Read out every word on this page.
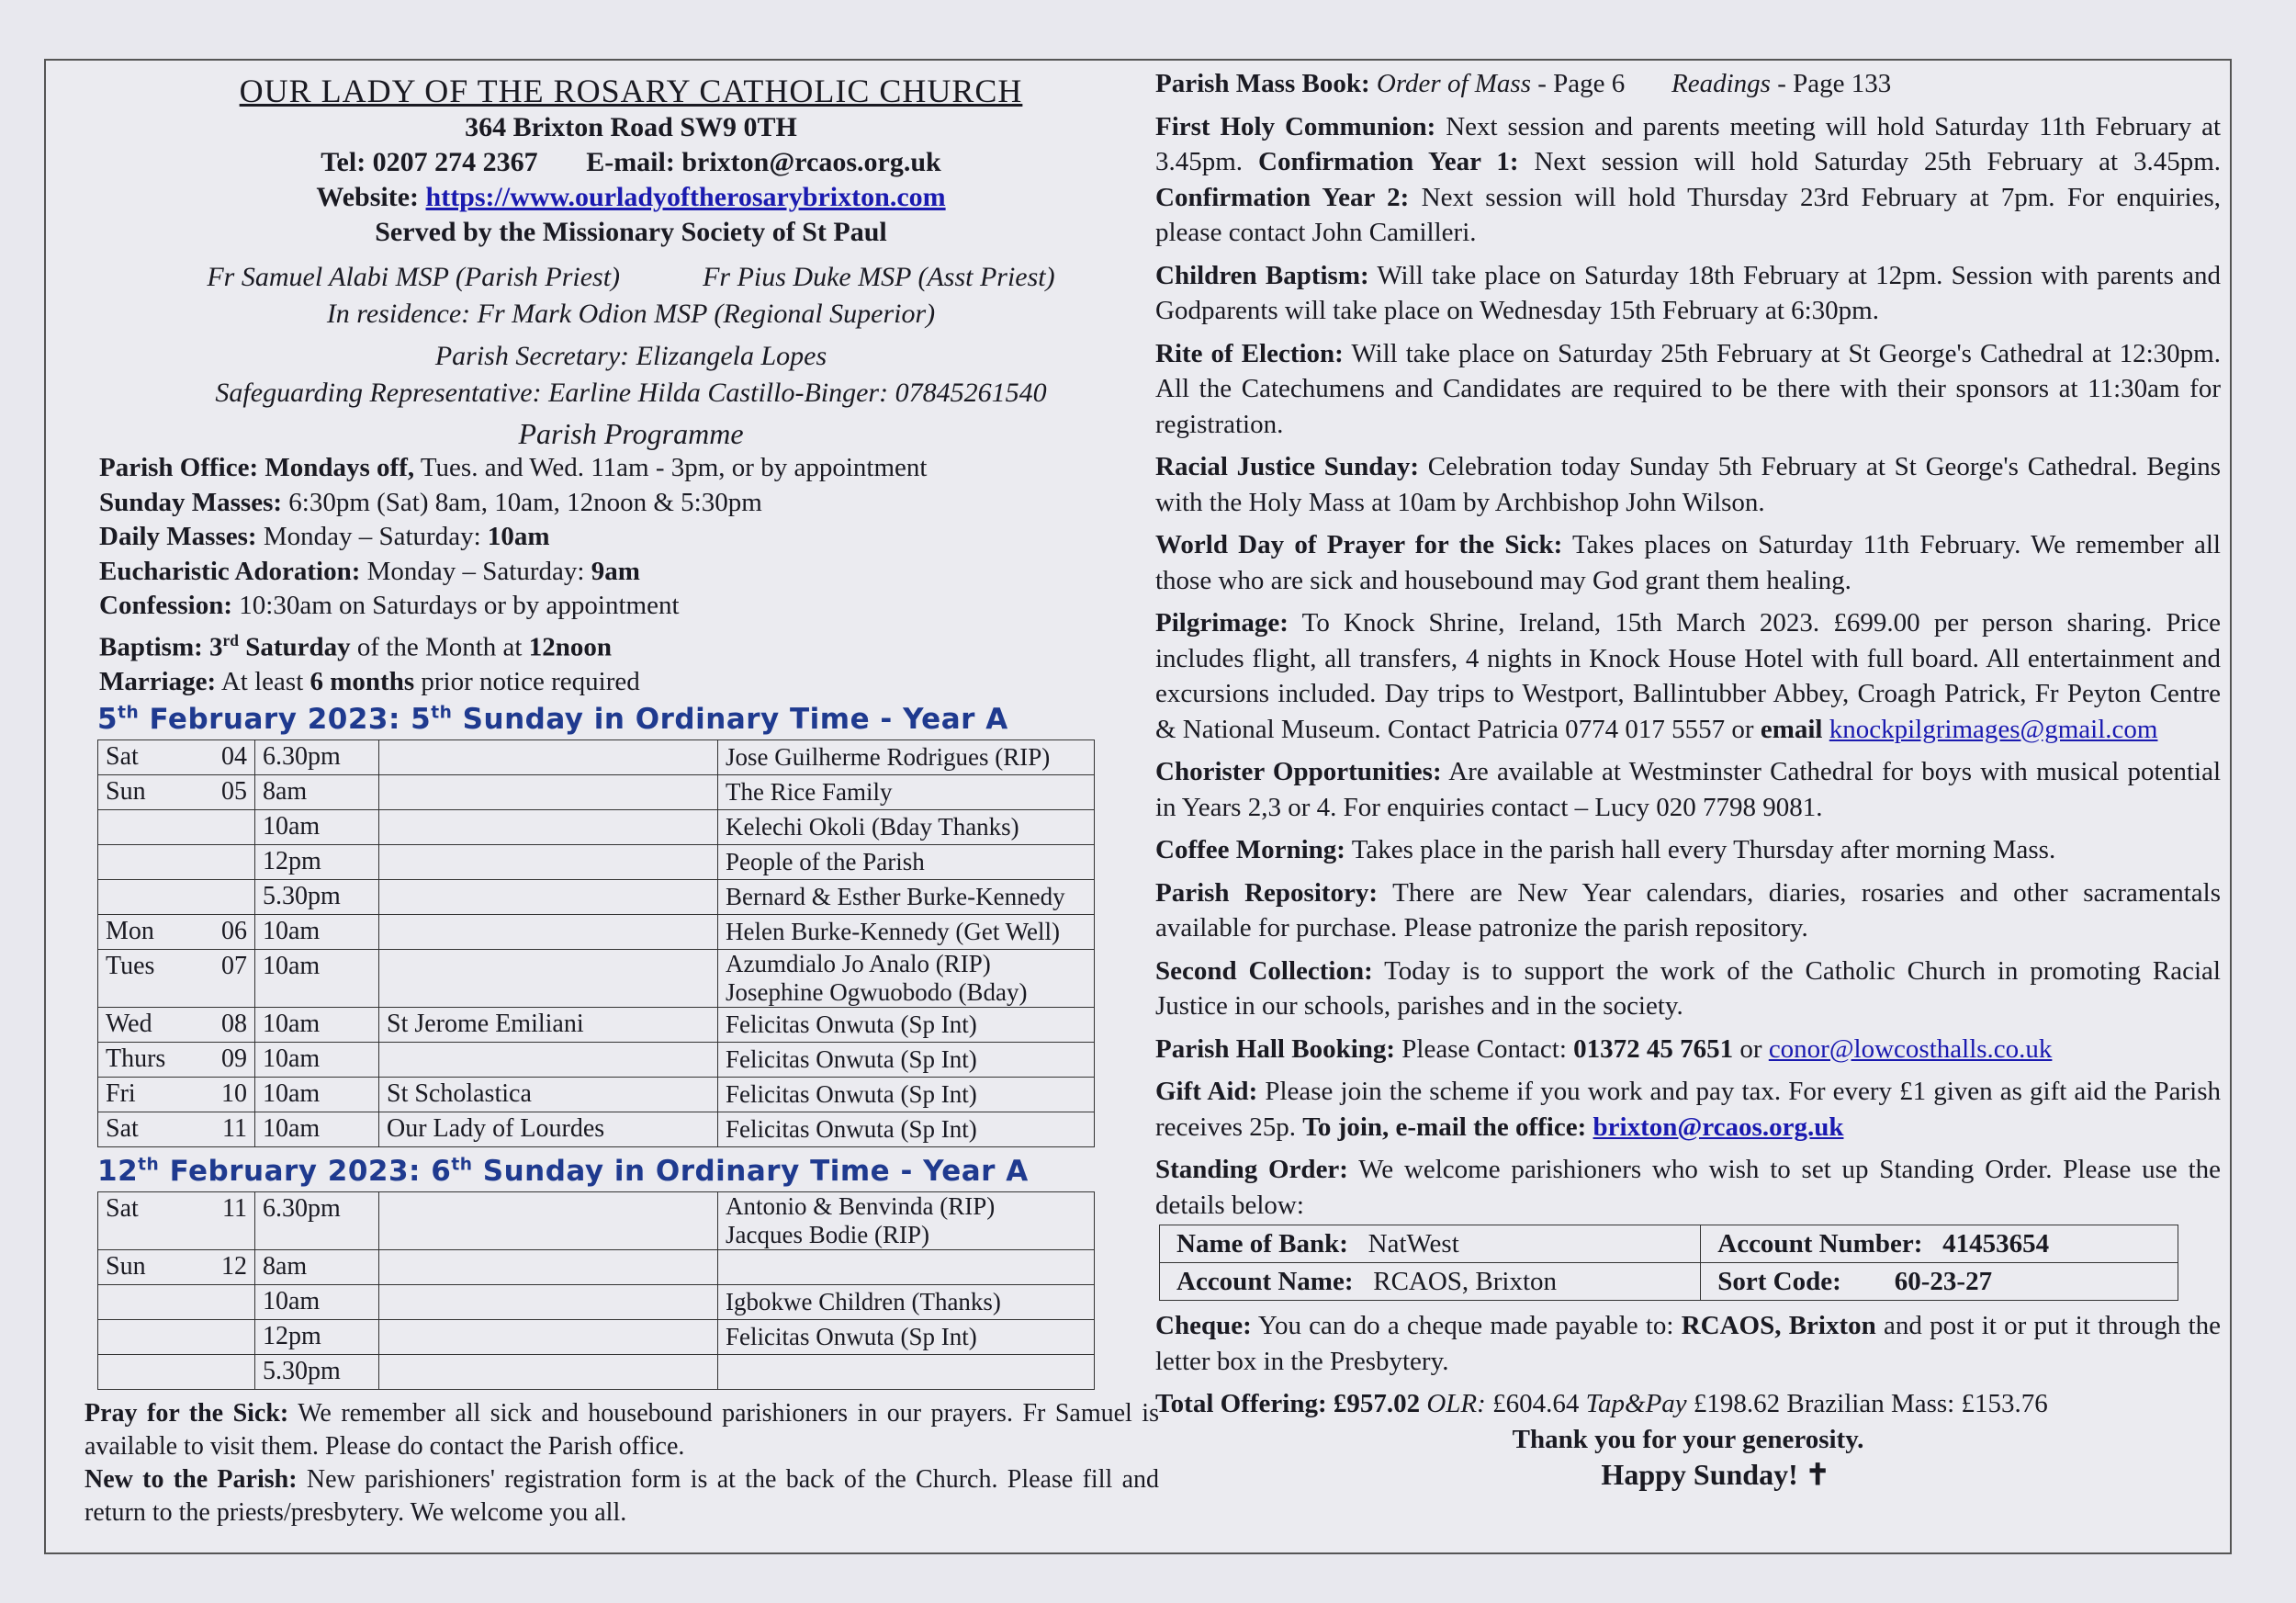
OUR LADY OF THE ROSARY CATHOLIC CHURCH
364 Brixton Road SW9 0TH
Tel: 0207 274 2367 E-mail: brixton@rcaos.org.uk
Website: https://www.ourladyoftherosarybrixton.com
Served by the Missionary Society of St Paul
Fr Samuel Alabi MSP (Parish Priest)	Fr Pius Duke MSP (Asst Priest)
In residence: Fr Mark Odion MSP (Regional Superior)
Parish Secretary: Elizangela Lopes
Safeguarding Representative: Earline Hilda Castillo-Binger: 07845261540
Parish Programme

Parish Office: Mondays off, Tues. and Wed. 11am - 3pm, or by appointment

Sunday Masses: 6:30pm (Sat) 8am, 10am, 12noon & 5:30pm

Daily Masses: Monday – Saturday: 10am

Eucharistic Adoration: Monday – Saturday: 9am

Confession: 10:30am on Saturdays or by appointment

Baptism: 3rd Saturday of the Month at 12noon

Marriage: At least 6 months prior notice required

5th February 2023: 5th Sunday in Ordinary Time - Year A
Sat	04	6.30pm		Jose Guilherme Rodrigues (RIP)
Sun	05	8am		The Rice Family
		10am		Kelechi Okoli (Bday Thanks)
		12pm		People of the Parish
		5.30pm		Bernard & Esther Burke-Kennedy
Mon	06	10am		Helen Burke-Kennedy (Get Well)
Tues	07	10am		Azumdialo Jo Analo (RIP)
Josephine Ogwuobodo (Bday)
Wed	08	10am	St Jerome Emiliani	Felicitas Onwuta (Sp Int)
Thurs	09	10am		Felicitas Onwuta (Sp Int)
Fri	10	10am	St Scholastica	Felicitas Onwuta (Sp Int)
Sat	11	10am	Our Lady of Lourdes	Felicitas Onwuta (Sp Int)
12th February 2023: 6th Sunday in Ordinary Time - Year A
Sat	11	6.30pm		Antonio & Benvinda (RIP)
Jacques Bodie (RIP)
Sun	12	8am		
		10am		Igbokwe Children (Thanks)
		12pm		Felicitas Onwuta (Sp Int)
		5.30pm		

Pray for the Sick: We remember all sick and housebound parishioners in our prayers. Fr Samuel is available to visit them. Please do contact the Parish office.

New to the Parish: New parishioners' registration form is at the back of the Church. Please fill and return to the priests/presbytery. We welcome you all.

Parish Mass Book: Order of Mass - Page 6 Readings - Page 133

First Holy Communion: Next session and parents meeting will hold Saturday 11th February at 3.45pm. Confirmation Year 1: Next session will hold Saturday 25th February at 3.45pm. Confirmation Year 2: Next session will hold Thursday 23rd February at 7pm. For enquiries, please contact John Camilleri.

Children Baptism: Will take place on Saturday 18th February at 12pm. Session with parents and Godparents will take place on Wednesday 15th February at 6:30pm.

Rite of Election: Will take place on Saturday 25th February at St George's Cathedral at 12:30pm. All the Catechumens and Candidates are required to be there with their sponsors at 11:30am for registration.

Racial Justice Sunday: Celebration today Sunday 5th February at St George's Cathedral. Begins with the Holy Mass at 10am by Archbishop John Wilson.

World Day of Prayer for the Sick: Takes places on Saturday 11th February. We remember all those who are sick and housebound may God grant them healing.

Pilgrimage: To Knock Shrine, Ireland, 15th March 2023. £699.00 per person sharing. Price includes flight, all transfers, 4 nights in Knock House Hotel with full board. All entertainment and excursions included. Day trips to Westport, Ballintubber Abbey, Croagh Patrick, Fr Peyton Centre & National Museum. Contact Patricia 0774 017 5557 or email knockpilgrimages@gmail.com

Chorister Opportunities: Are available at Westminster Cathedral for boys with musical potential in Years 2,3 or 4. For enquiries contact – Lucy 020 7798 9081.

Coffee Morning: Takes place in the parish hall every Thursday after morning Mass.

Parish Repository: There are New Year calendars, diaries, rosaries and other sacramentals available for purchase. Please patronize the parish repository.

Second Collection: Today is to support the work of the Catholic Church in promoting Racial Justice in our schools, parishes and in the society.

Parish Hall Booking: Please Contact: 01372 45 7651 or conor@lowcosthalls.co.uk

Gift Aid: Please join the scheme if you work and pay tax. For every £1 given as gift aid the Parish receives 25p. To join, e-mail the office: brixton@rcaos.org.uk

Standing Order: We welcome parishioners who wish to set up Standing Order. Please use the details below:

Name of Bank: NatWest	Account Number: 41453654
Account Name: RCAOS, Brixton	Sort Code: 60-23-27

Cheque: You can do a cheque made payable to: RCAOS, Brixton and post it or put it through the letter box in the Presbytery.

Total Offering: £957.02 OLR: £604.64 Tap&Pay £198.62 Brazilian Mass: £153.76

Thank you for your generosity.

Happy Sunday! ✝
